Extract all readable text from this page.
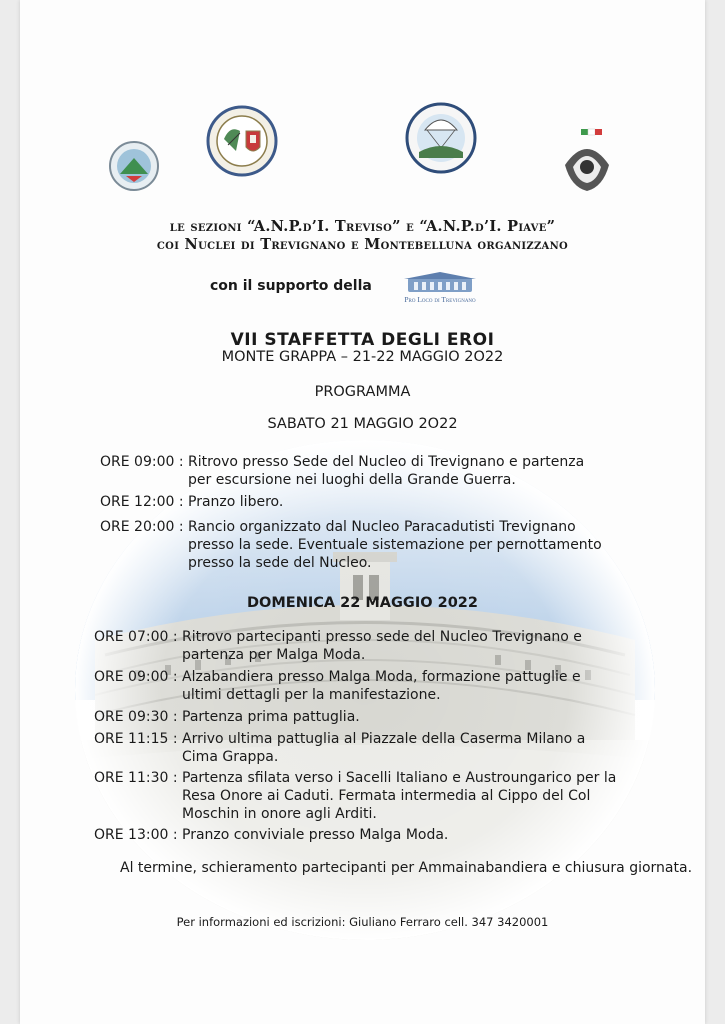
le sezioni “A.N.P.d’I. Treviso” e “A.N.P.d’I. Piave”
coi Nuclei di Trevignano e Montebelluna organizzano
con il supporto della
Pro Loco di Trevignano
VII STAFFETTA DEGLI EROI
MONTE GRAPPA – 21-22 MAGGIO 2O22
PROGRAMMA
SABATO 21 MAGGIO 2O22
ORE 09:00 : Ritrovo presso Sede del Nucleo di Trevignano e partenza per escursione nei luoghi della Grande Guerra.
ORE 12:00 : Pranzo libero.
ORE 20:00 : Rancio organizzato dal Nucleo Paracadutisti Trevignano presso la sede. Eventuale sistemazione per pernottamento presso la sede del Nucleo.
DOMENICA 22 MAGGIO 2022
ORE 07:00 : Ritrovo partecipanti presso sede del Nucleo Trevignano e partenza per Malga Moda.
ORE 09:00 : Alzabandiera presso Malga Moda, formazione pattuglie e ultimi dettagli per la manifestazione.
ORE 09:30 : Partenza prima pattuglia.
ORE 11:15 : Arrivo ultima pattuglia al Piazzale della Caserma Milano a Cima Grappa.
ORE 11:30 : Partenza sfilata verso i Sacelli Italiano e Austroungarico per la Resa Onore ai Caduti. Fermata intermedia al Cippo del Col Moschin in onore agli Arditi.
ORE 13:00 : Pranzo conviviale presso Malga Moda.
Al termine, schieramento partecipanti per Ammainabandiera e chiusura giornata.
Per informazioni ed iscrizioni: Giuliano Ferraro cell. 347 3420001
